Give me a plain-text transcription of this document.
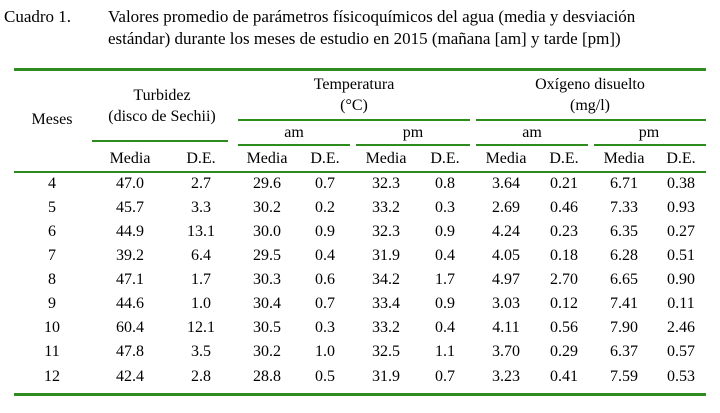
Cuadro 1.	Valores promedio de parámetros físicoquímicos del agua (media y desviación
estándar) durante los meses de estudio en 2015 (mañana [am] y tarde [pm])
Meses
Turbidez
(disco de Sechii)
Temperatura
(°C)
Oxígeno disuelto
(mg/l)
am	pm	am	pm
Media	D.E.	Media	D.E.	Media	D.E.	Media	D.E.	Media	D.E.
4	47.0	2.7	29.6	0.7	32.3	0.8	3.64	0.21	6.71	0.38
5	45.7	3.3	30.2	0.2	33.2	0.3	2.69	0.46	7.33	0.93
6	44.9	13.1	30.0	0.9	32.3	0.9	4.24	0.23	6.35	0.27
7	39.2	6.4	29.5	0.4	31.9	0.4	4.05	0.18	6.28	0.51
8	47.1	1.7	30.3	0.6	34.2	1.7	4.97	2.70	6.65	0.90
9	44.6	1.0	30.4	0.7	33.4	0.9	3.03	0.12	7.41	0.11
10	60.4	12.1	30.5	0.3	33.2	0.4	4.11	0.56	7.90	2.46
11	47.8	3.5	30.2	1.0	32.5	1.1	3.70	0.29	6.37	0.57
12	42.4	2.8	28.8	0.5	31.9	0.7	3.23	0.41	7.59	0.53
